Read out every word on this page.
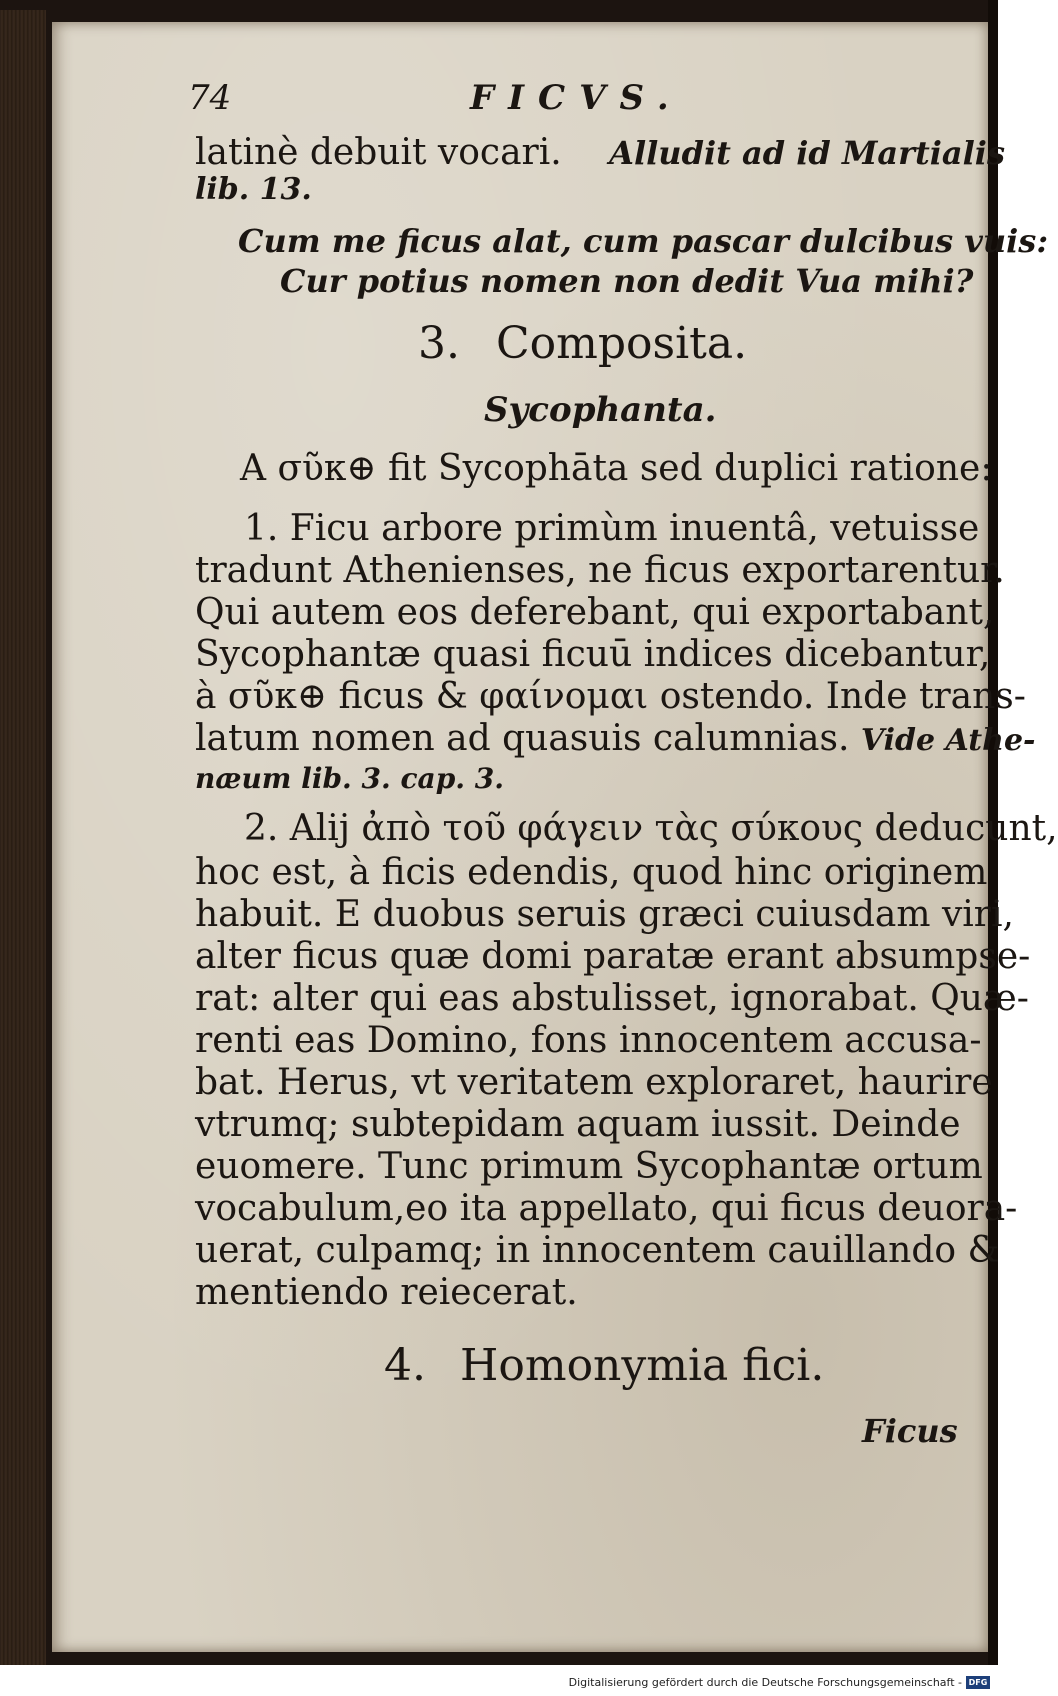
74	FICVS.
latinè debuit vocari. Alludit ad id Martialis
lib. 13.
Cum me ficus alat, cum pascar dulcibus vuis:
Cur potius nomen non dedit Vua mihi?
3. Composita.
Sycophanta.
A σῦκ⊕ fit Sycophāta sed duplici ratione:
1. Ficu arbore primùm inuentâ, vetuisse
tradunt Athenienses, ne ficus exportarentur.
Qui autem eos deferebant, qui exportabant,
Sycophantæ quasi ficuū indices dicebantur,
à σῦκ⊕ ficus & φαίνομαι ostendo. Inde trans-
latum nomen ad quasuis calumnias. Vide Athe-
næum lib. 3. cap. 3.
2. Alij ἀπὸ τοῦ φάγειν τὰς σύκους deducunt,
hoc est, à ficis edendis, quod hinc originem
habuit. E duobus seruis græci cuiusdam viri,
alter ficus quæ domi paratæ erant absumpse-
rat: alter qui eas abstulisset, ignorabat. Quæ-
renti eas Domino, fons innocentem accusa-
bat. Herus, vt veritatem exploraret, haurire
vtrumq; subtepidam aquam iussit. Deinde
euomere. Tunc primum Sycophantæ ortum
vocabulum,eo ita appellato, qui ficus deuora-
uerat, culpamq; in innocentem cauillando &
mentiendo reiecerat.
4. Homonymia fici.
Ficus
Digitalisierung gefördert durch die Deutsche Forschungsgemeinschaft - DFG
